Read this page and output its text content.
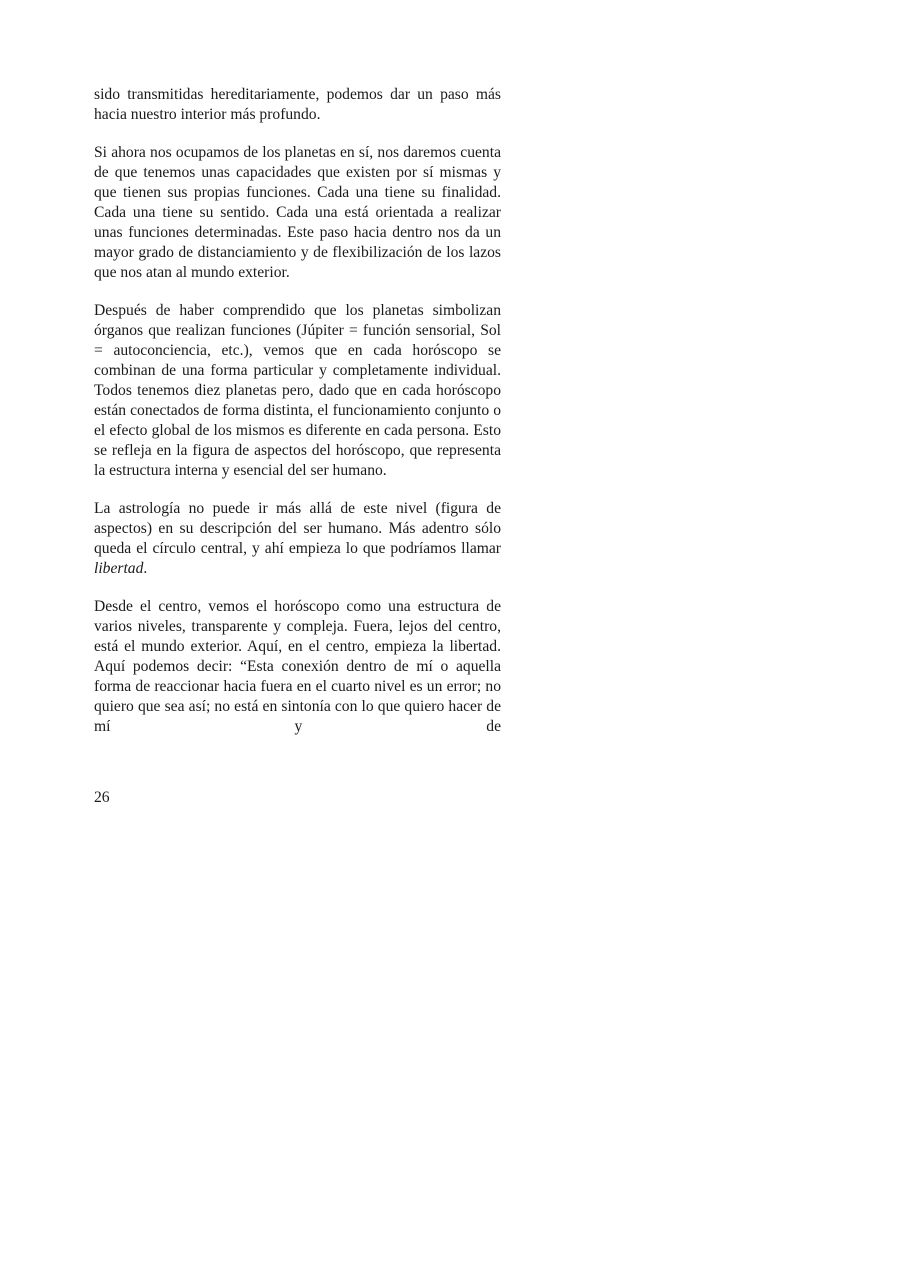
sido transmitidas hereditariamente, podemos dar un paso más hacia nuestro interior más profundo.

Si ahora nos ocupamos de los planetas en sí, nos daremos cuenta de que tenemos unas capacidades que existen por sí mismas y que tienen sus propias funciones. Cada una tiene su finalidad. Cada una tiene su sentido. Cada una está orientada a realizar unas funciones determinadas. Este paso hacia dentro nos da un mayor grado de distanciamiento y de flexibilización de los lazos que nos atan al mundo exterior.

Después de haber comprendido que los planetas simbolizan órganos que realizan funciones (Júpiter = función sensorial, Sol = autoconciencia, etc.), vemos que en cada horóscopo se combinan de una forma particular y completamente individual. Todos tenemos diez planetas pero, dado que en cada horóscopo están conectados de forma distinta, el funcionamiento conjunto o el efecto global de los mismos es diferente en cada persona. Esto se refleja en la figura de aspectos del horóscopo, que representa la estructura interna y esencial del ser humano.

La astrología no puede ir más allá de este nivel (figura de aspectos) en su descripción del ser humano. Más adentro sólo queda el círculo central, y ahí empieza lo que podríamos llamar libertad.

Desde el centro, vemos el horóscopo como una estructura de varios niveles, transparente y compleja. Fuera, lejos del centro, está el mundo exterior. Aquí, en el centro, empieza la libertad. Aquí podemos decir: “Esta conexión dentro de mí o aquella forma de reaccionar hacia fuera en el cuarto nivel es un error; no quiero que sea así; no está en sintonía con lo que quiero hacer de mí y de

26
